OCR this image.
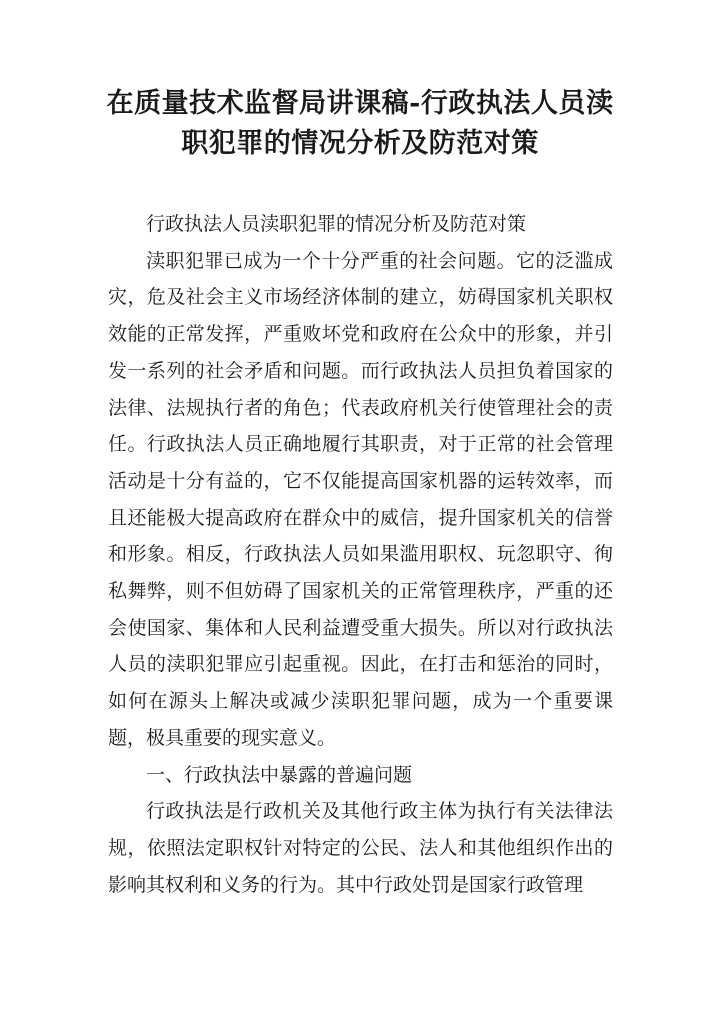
在质量技术监督局讲课稿-行政执法人员渎职犯罪的情况分析及防范对策

行政执法人员渎职犯罪的情况分析及防范对策

渎职犯罪已成为一个十分严重的社会问题。它的泛滥成灾，危及社会主义市场经济体制的建立，妨碍国家机关职权效能的正常发挥，严重败坏党和政府在公众中的形象，并引发一系列的社会矛盾和问题。而行政执法人员担负着国家的法律、法规执行者的角色；代表政府机关行使管理社会的责任。行政执法人员正确地履行其职责，对于正常的社会管理活动是十分有益的，它不仅能提高国家机器的运转效率，而且还能极大提高政府在群众中的威信，提升国家机关的信誉和形象。相反，行政执法人员如果滥用职权、玩忽职守、徇私舞弊，则不但妨碍了国家机关的正常管理秩序，严重的还会使国家、集体和人民利益遭受重大损失。所以对行政执法人员的渎职犯罪应引起重视。因此，在打击和惩治的同时，如何在源头上解决或减少渎职犯罪问题，成为一个重要课题，极具重要的现实意义。

一、行政执法中暴露的普遍问题

行政执法是行政机关及其他行政主体为执行有关法律法规，依照法定职权针对特定的公民、法人和其他组织作出的影响其权利和义务的行为。其中行政处罚是国家行政管理
